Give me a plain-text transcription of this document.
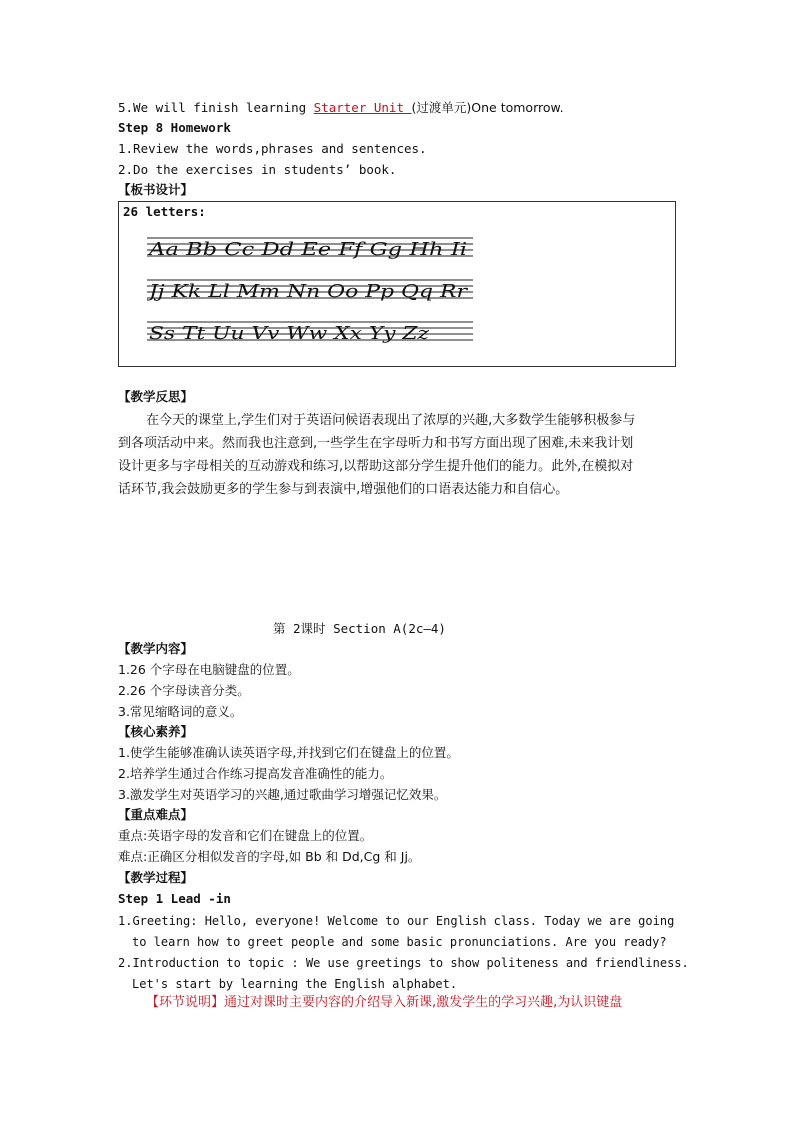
5.We will finish learning Starter Unit (过渡单元)One tomorrow.
Step 8 Homework
1.Review the words,phrases and sentences.
2.Do the exercises in students’ book.
【板书设计】
26 letters:
Aa Bb Cc Dd Ee Ff Gg Hh Ii
Jj Kk Ll Mm Nn Oo Pp Qq Rr
Ss Tt Uu Vv Ww Xx Yy Zz
【教学反思】
在今天的课堂上,学生们对于英语问候语表现出了浓厚的兴趣,大多数学生能够积极参与到各项活动中来。然而我也注意到,一些学生在字母听力和书写方面出现了困难,未来我计划设计更多与字母相关的互动游戏和练习,以帮助这部分学生提升他们的能力。此外,在模拟对话环节,我会鼓励更多的学生参与到表演中,增强他们的口语表达能力和自信心。
第 2课时 Section A(2c—4)
【教学内容】
1.26 个字母在电脑键盘的位置。
2.26 个字母读音分类。
3.常见缩略词的意义。
【核心素养】
1.使学生能够准确认读英语字母,并找到它们在键盘上的位置。
2.培养学生通过合作练习提高发音准确性的能力。
3.激发学生对英语学习的兴趣,通过歌曲学习增强记忆效果。
【重点难点】
重点:英语字母的发音和它们在键盘上的位置。
难点:正确区分相似发音的字母,如 Bb 和 Dd,Cg 和 Jj。
【教学过程】
Step 1 Lead -in
1.Greeting: Hello, everyone! Welcome to our English class. Today we are going to learn how to greet people and some basic pronunciations. Are you ready?
2.Introduction to topic : We use greetings to show politeness and friendliness. Let's start by learning the English alphabet.
【环节说明】通过对课时主要内容的介绍导入新课,激发学生的学习兴趣,为认识键盘
